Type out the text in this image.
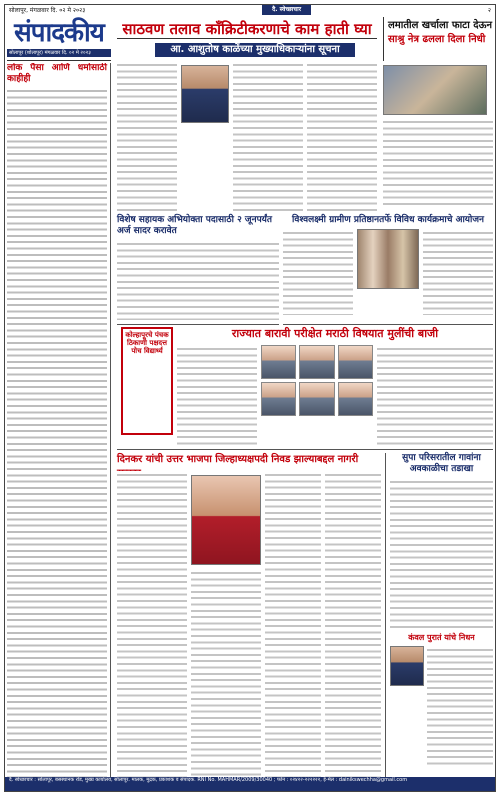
सोलापूर, मंगळवार दि. ०२ मे २०२३	दै. स्वेच्छाचार	२
संपादकीय
सोलापूर (शोलापूर) मंगळवार दि. ०२ मे २०२३
साठवण तलाव काँक्रिटीकरणाचे काम हाती घ्या
आ. आशुतोष काळेंच्या मुख्याधिकाऱ्यांना सूचना
लमातील खर्चाला फाटा देऊन
साश्रु नेत्र ढलला दिला निधी
लोक पैसा आणि धर्मासाठी काहीही
विशेष सहायक अभियोक्ता पदासाठी २ जूनपर्यंत अर्ज सादर करावेत
विश्वलक्ष्मी ग्रामीण प्रतिष्ठानतर्फे विविध कार्यक्रमाचे आयोजन
राज्यात बारावी परीक्षेत मराठी विषयात मुलींची बाजी
कोल्हापूरचे पंचक ठिकाणी पक्षदत्त पोच विद्यार्थ्य
दिनकर यांची उत्तर भाजपा जिल्हाध्यक्षपदी निवड झाल्याबद्दल नागरी	सुपा परिसरातील गावांना अवकाळीचा तडाखा
कंवल पुरातं यांचे निधन
दै. स्वेच्छाचार : सोलापूर, बसस्थानक रोड, मुख्य कार्यालय, सोलापूर. मालक, मुद्रक, प्रकाशक व संपादक. RNI No. MAHMAR/2009/30040 ; फोन : ०२४२२-२२२२२२, ई-मेल : dainikswechha@gmail.com
